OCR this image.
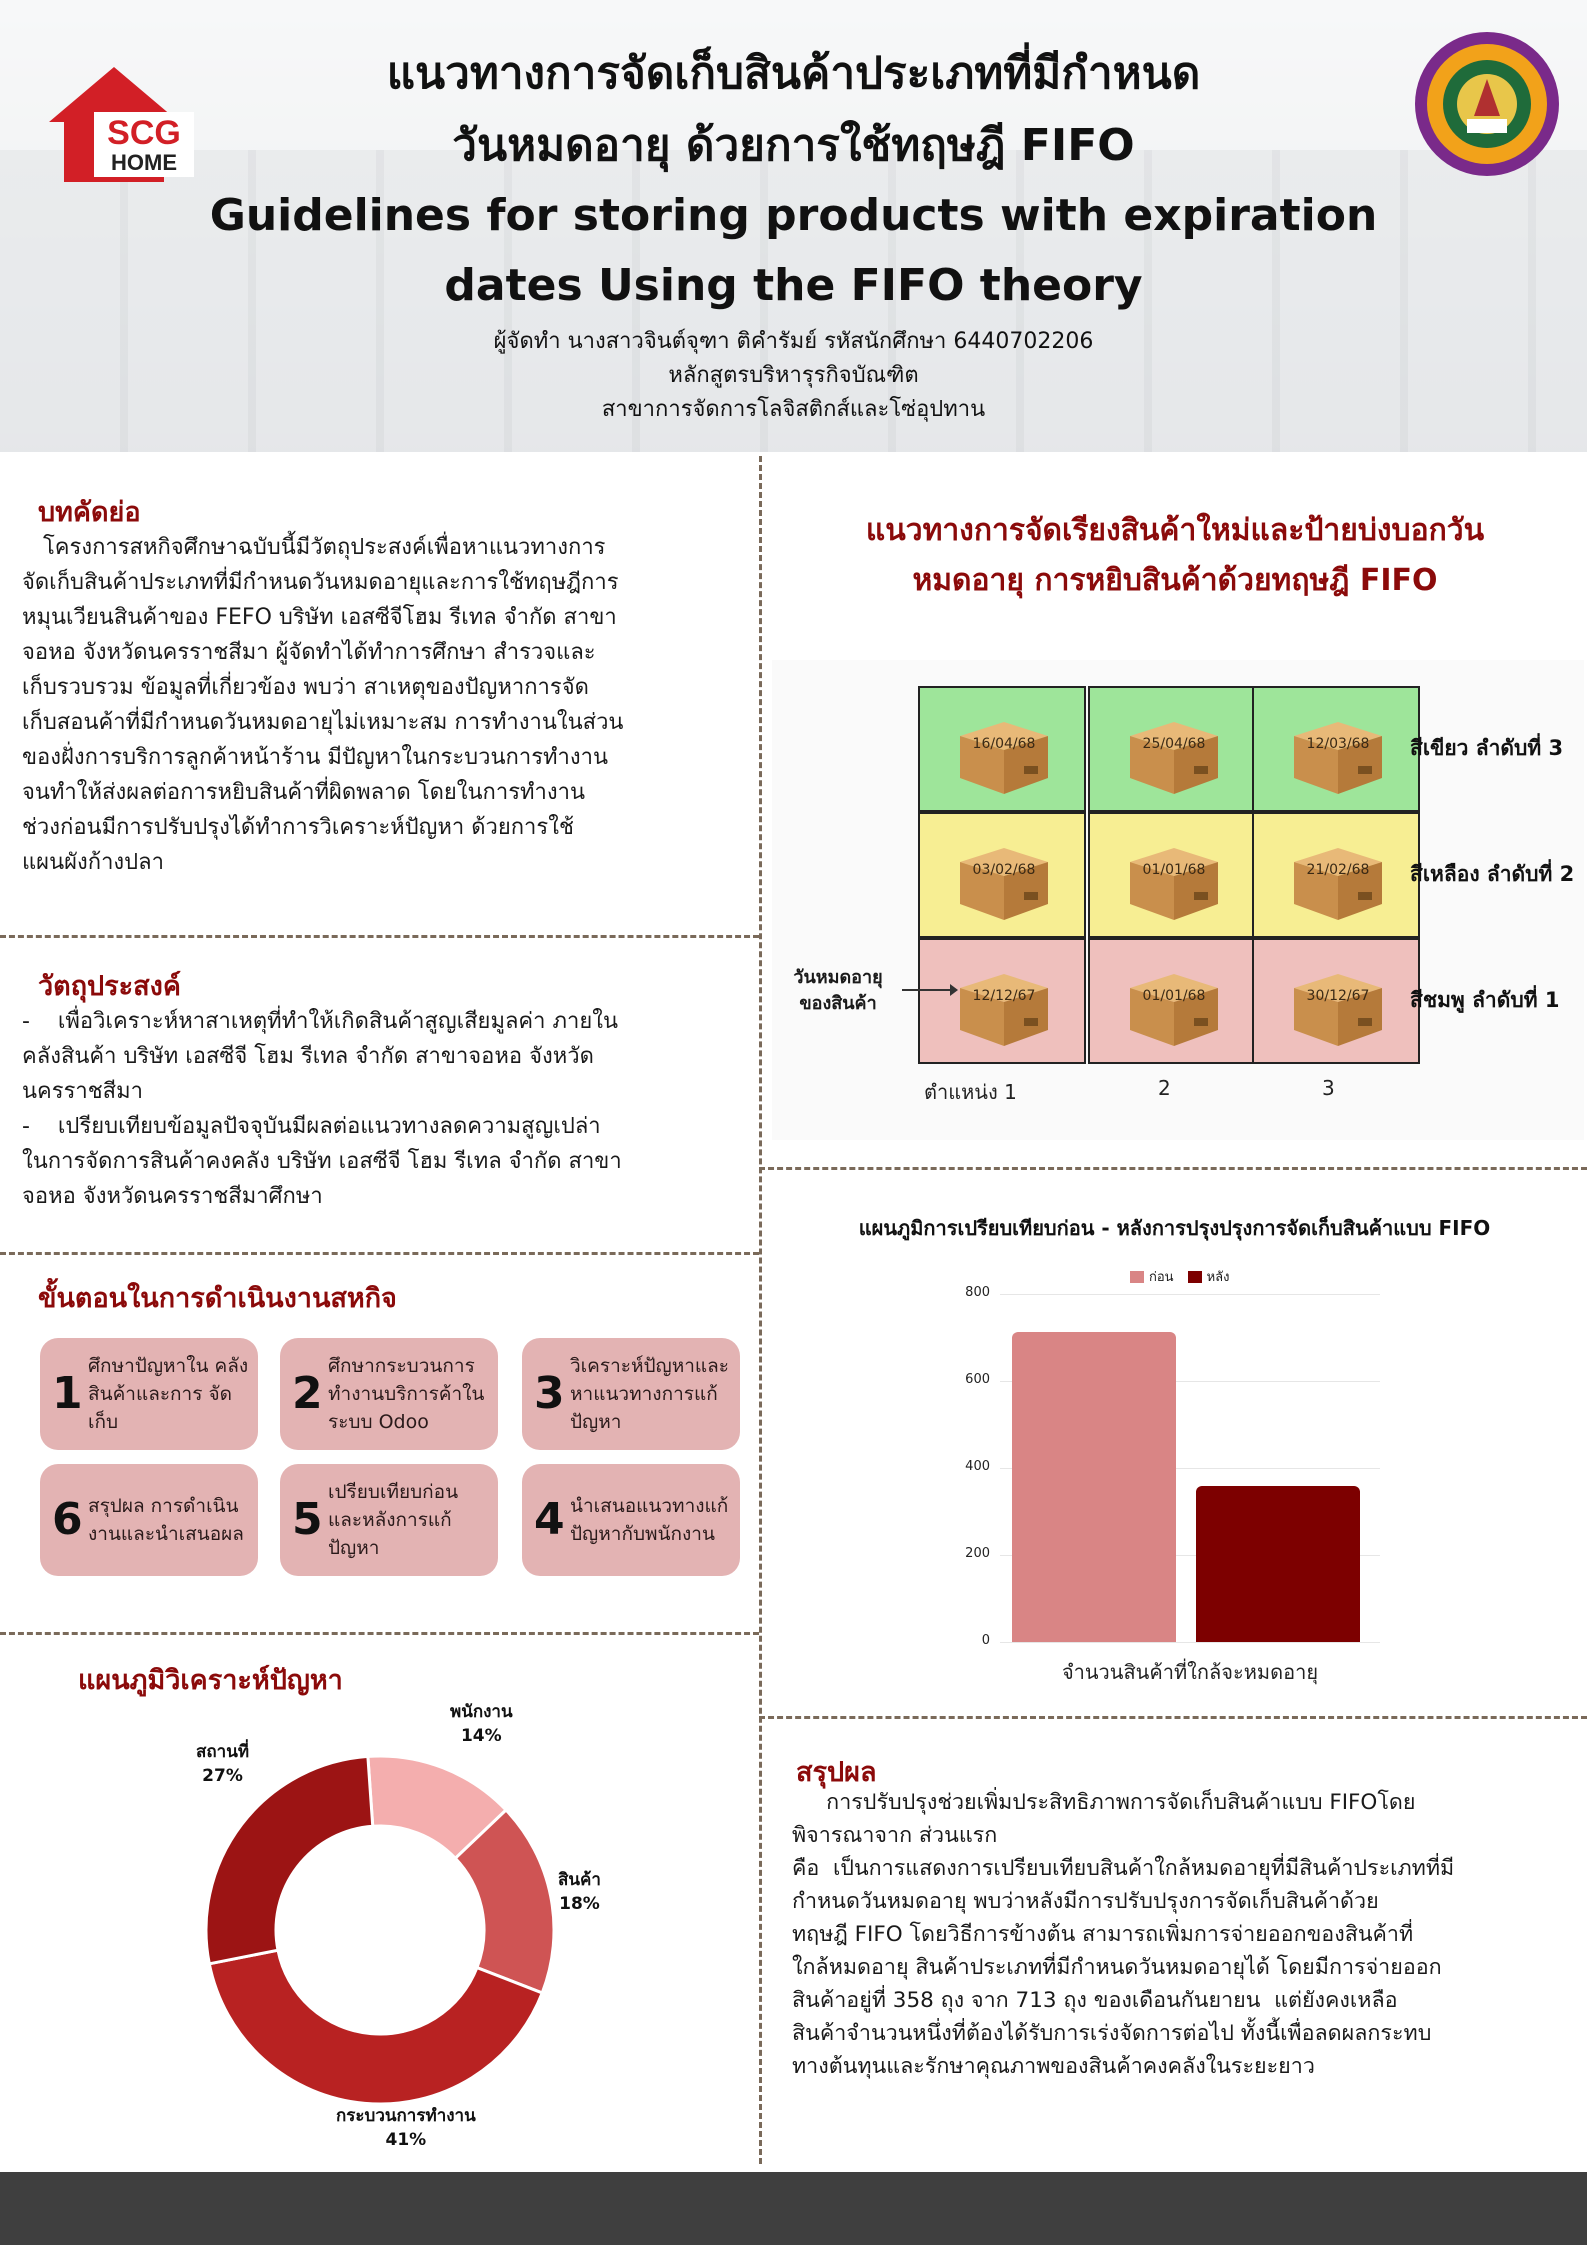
SCG
HOME
แนวทางการจัดเก็บสินค้าประเภทที่มีกำหนด
วันหมดอายุ ด้วยการใช้ทฤษฎี FIFO
Guidelines for storing products with expiration
dates Using the FIFO theory
ผู้จัดทำ นางสาวจินต์จุฑา ติคำรัมย์ รหัสนักศึกษา 6440702206
หลักสูตรบริหารุรกิจบัณฑิต
สาขาการจัดการโลจิสติกส์และโซ่อุปทาน
บทคัดย่อ
โครงการสหกิจศึกษาฉบับนี้มีวัตถุประสงค์เพื่อหาแนวทางการ
จัดเก็บสินค้าประเภทที่มีกำหนดวันหมดอายุและการใช้ทฤษฎีการ
หมุนเวียนสินค้าของ FEFO บริษัท เอสซีจีโฮม รีเทล จำกัด สาขา
จอหอ จังหวัดนครราชสีมา ผู้จัดทำได้ทำการศึกษา สำรวจและ
เก็บรวบรวม ข้อมูลที่เกี่ยวข้อง พบว่า สาเหตุของปัญหาการจัด
เก็บสอนค้าที่มีกำหนดวันหมดอายุไม่เหมาะสม การทำงานในส่วน
ของฝั่งการบริการลูกค้าหน้าร้าน มีปัญหาในกระบวนการทำงาน
จนทำให้ส่งผลต่อการหยิบสินค้าที่ผิดพลาด โดยในการทำงาน
ช่วงก่อนมีการปรับปรุงได้ทำการวิเคราะห์ปัญหา ด้วยการใช้
แผนผังก้างปลา
วัตถุประสงค์
-    เพื่อวิเคราะห์หาสาเหตุที่ทำให้เกิดสินค้าสูญเสียมูลค่า ภายใน
คลังสินค้า บริษัท เอสซีจี โฮม รีเทล จำกัด สาขาจอหอ จังหวัด
นครราชสีมา
-    เปรียบเทียบข้อมูลปัจจุบันมีผลต่อแนวทางลดความสูญเปล่า
ในการจัดการสินค้าคงคลัง บริษัท เอสซีจี โฮม รีเทล จำกัด สาขา
จอหอ จังหวัดนครราชสีมาศึกษา
ขั้นตอนในการดำเนินงานสหกิจ
1
ศึกษาปัญหาใน คลังสินค้าและการ จัดเก็บ
2
ศึกษากระบวนการ ทำงานบริการค้าใน ระบบ Odoo
3
วิเคราะห์ปัญหาและ หาแนวทางการแก้ ปัญหา
6 สรุปผล การดำเนิน งานและนำเสนอผล 5
เปรียบเทียบก่อน และหลังการแก้ ปัญหา
4 นำเสนอแนวทางแก้ ปัญหากับพนักงาน
แผนภูมิวิเคราะห์ปัญหา
พนักงาน
14%
สินค้า
18%
กระบวนการทำงาน
41%
สถานที่
27%
แนวทางการจัดเรียงสินค้าใหม่และป้ายบ่งบอกวัน
หมดอายุ การหยิบสินค้าด้วยทฤษฎี FIFO
16/04/68	25/04/68	12/03/68	สีเขียว ลำดับที่ 3
03/02/68	01/01/68	21/02/68	สีเหลือง ลำดับที่ 2
12/12/67	01/01/68	30/12/67	สีชมพู ลำดับที่ 1
ตำแหน่ง 1	2	3
วันหมดอายุ
ของสินค้า
แผนภูมิการเปรียบเทียบก่อน - หลังการปรุงปรุงการจัดเก็บสินค้าแบบ FIFO
ก่อน	หลัง
0
200
400
600
800
จำนวนสินค้าที่ใกล้จะหมดอายุ
สรุปผล
การปรับปรุงช่วยเพิ่มประสิทธิภาพการจัดเก็บสินค้าแบบ FIFOโดย
พิจารณาจาก ส่วนแรก
คือ  เป็นการแสดงการเปรียบเทียบสินค้าใกล้หมดอายุที่มีสินค้าประเภทที่มี
กำหนดวันหมดอายุ พบว่าหลังมีการปรับปรุงการจัดเก็บสินค้าด้วย
ทฤษฎี FIFO โดยวิธีการข้างต้น สามารถเพิ่มการจ่ายออกของสินค้าที่
ใกล้หมดอายุ สินค้าประเภทที่มีกำหนดวันหมดอายุได้ โดยมีการจ่ายออก
สินค้าอยู่ที่ 358 ถุง จาก 713 ถุง ของเดือนกันยายน  แต่ยังคงเหลือ
สินค้าจำนวนหนึ่งที่ต้องได้รับการเร่งจัดการต่อไป ทั้งนี้เพื่อลดผลกระทบ
ทางต้นทุนและรักษาคุณภาพของสินค้าคงคลังในระยะยาว
